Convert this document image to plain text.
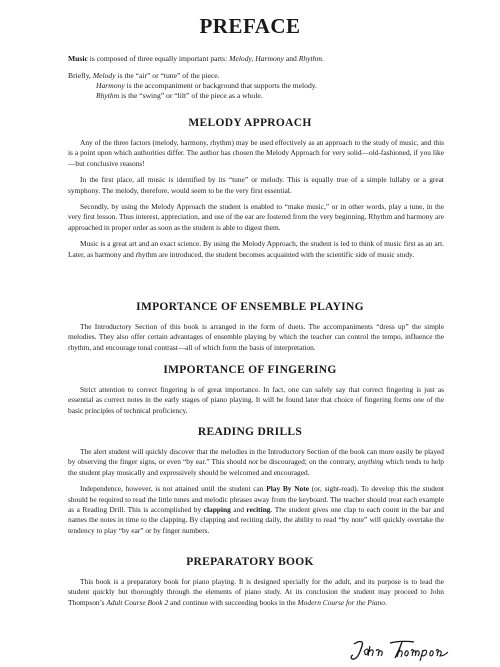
PREFACE

Music is composed of three equally important parts: Melody, Harmony and Rhythm.

Briefly, Melody is the “air” or “tune” of the piece.

Harmony is the accompaniment or background that supports the melody.

Rhythm is the “swing” or “lilt” of the piece as a whole.

MELODY APPROACH

Any of the three factors (melody, harmony, rhythm) may be used effectively as an approach to the study of music, and this is a point upon which authorities differ. The author has chosen the Melody Approach for very solid—old-fashioned, if you like—but conclusive reasons!

In the first place, all music is identified by its “tune” or melody. This is equally true of a simple lullaby or a great symphony. The melody, therefore, would seem to be the very first essential.

Secondly, by using the Melody Approach the student is enabled to “make music,” or in other words, play a tune, in the very first lesson. Thus interest, appreciation, and use of the ear are fostered from the very beginning. Rhythm and harmony are approached in proper order as soon as the student is able to digest them.

Music is a great art and an exact science. By using the Melody Approach, the student is led to think of music first as an art. Later, as harmony and rhythm are introduced, the student becomes acquainted with the scientific side of music study.

IMPORTANCE OF ENSEMBLE PLAYING

The Introductory Section of this book is arranged in the form of duets. The accompaniments “dress up” the simple melodies. They also offer certain advantages of ensemble playing by which the teacher can control the tempo, influence the rhythm, and encourage tonal contrast—all of which form the basis of interpretation.

IMPORTANCE OF FINGERING

Strict attention to correct fingering is of great importance. In fact, one can safely say that correct fingering is just as essential as correct notes in the early stages of piano playing. It will be found later that choice of fingering forms one of the basic principles of technical proficiency.

READING DRILLS

The alert student will quickly discover that the melodies in the Introductory Section of the book can more easily be played by observing the finger signs, or even “by ear.” This should not be discouraged; on the contrary, anything which tends to help the student play musically and expressively should be welcomed and encouraged.

Independence, however, is not attained until the student can Play By Note (or, sight-read). To develop this the student should be required to read the little tunes and melodic phrases away from the keyboard. The teacher should treat each example as a Reading Drill. This is accomplished by clapping and reciting. The student gives one clap to each count in the bar and names the notes in time to the clapping. By clapping and reciting daily, the ability to read “by note” will quickly overtake the tendency to play “by ear” or by finger numbers.

PREPARATORY BOOK

This book is a preparatory book for piano playing. It is designed specially for the adult, and its purpose is to lead the student quickly but thoroughly through the elements of piano study. At its conclusion the student may proceed to John Thompson’s Adult Course Book 2 and continue with succeeding books in the Modern Course for the Piano.
